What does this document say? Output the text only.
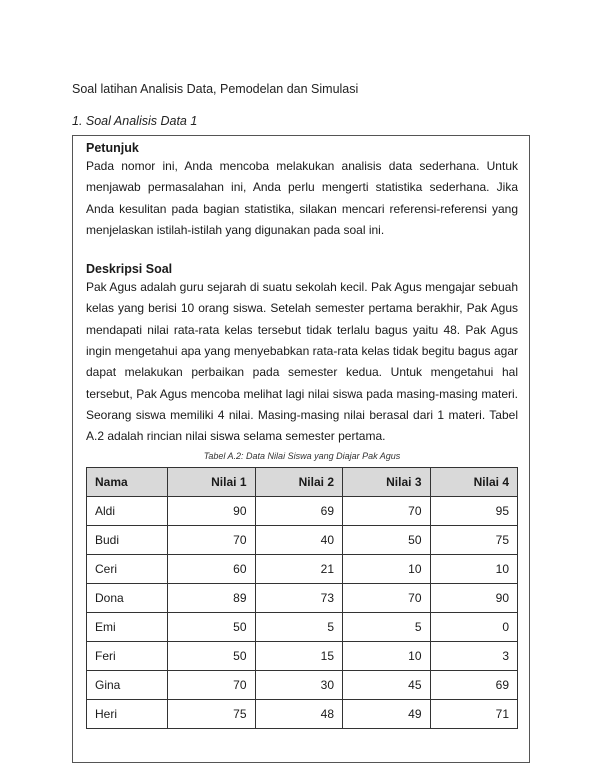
Soal latihan Analisis Data, Pemodelan dan Simulasi
1. Soal Analisis Data 1

Petunjuk

Pada nomor ini, Anda mencoba melakukan analisis data sederhana. Untuk menjawab permasalahan ini, Anda perlu mengerti statistika sederhana. Jika Anda kesulitan pada bagian statistika, silakan mencari referensi-referensi yang menjelaskan istilah-istilah yang digunakan pada soal ini.

Deskripsi Soal

Pak Agus adalah guru sejarah di suatu sekolah kecil. Pak Agus mengajar sebuah kelas yang berisi 10 orang siswa. Setelah semester pertama berakhir, Pak Agus mendapati nilai rata-rata kelas tersebut tidak terlalu bagus yaitu 48. Pak Agus ingin mengetahui apa yang menyebabkan rata-rata kelas tidak begitu bagus agar dapat melakukan perbaikan pada semester kedua. Untuk mengetahui hal tersebut, Pak Agus mencoba melihat lagi nilai siswa pada masing-masing materi. Seorang siswa memiliki 4 nilai. Masing-masing nilai berasal dari 1 materi. Tabel A.2 adalah rincian nilai siswa selama semester pertama.

Tabel A.2: Data Nilai Siswa yang Diajar Pak Agus
Nama	Nilai 1	Nilai 2	Nilai 3	Nilai 4
Aldi	90	69	70	95
Budi	70	40	50	75
Ceri	60	21	10	10
Dona	89	73	70	90
Emi	50	5	5	0
Feri	50	15	10	3
Gina	70	30	45	69
Heri	75	48	49	71
